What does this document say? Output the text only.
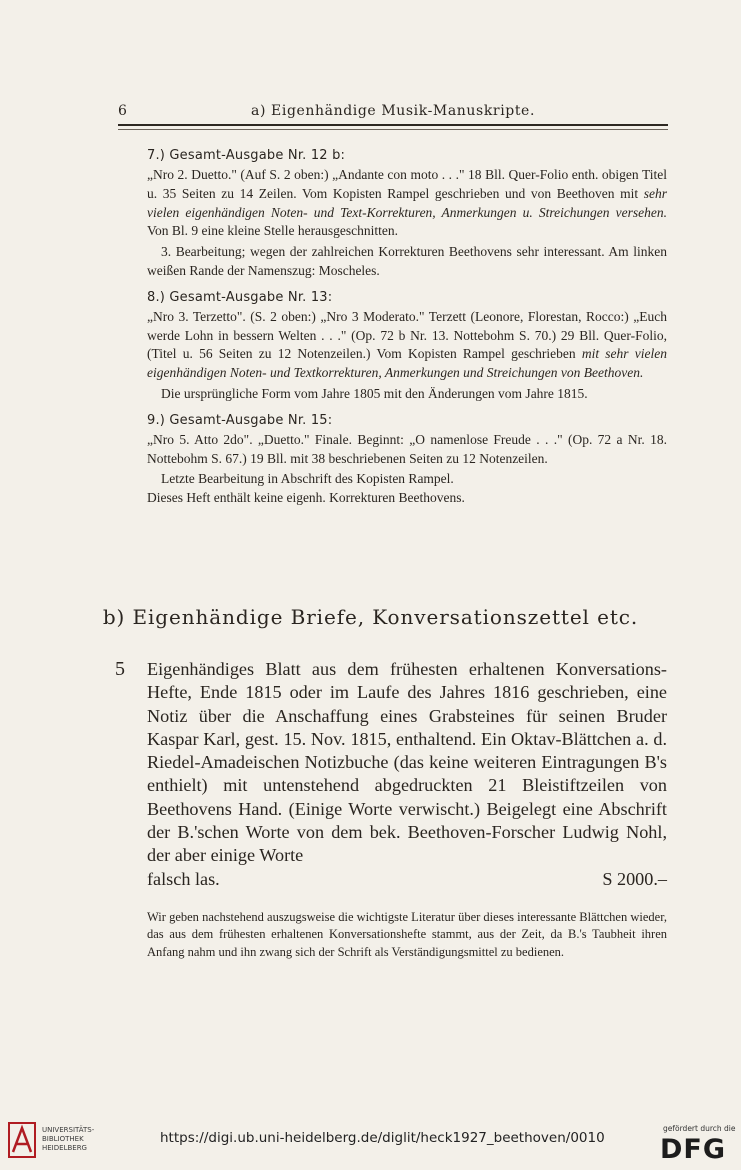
6	a) Eigenhändige Musik-Manuskripte.
7.) Gesamt-Ausgabe Nr. 12 b:

„Nro 2. Duetto." (Auf S. 2 oben:) „Andante con moto . . ." 18 Bll. Quer-Folio enth. obigen Titel u. 35 Seiten zu 14 Zeilen. Vom Kopisten Rampel geschrieben und von Beethoven mit sehr vielen eigenhändigen Noten- und Text-Korrekturen, Anmerkungen u. Streichungen versehen. Von Bl. 9 eine kleine Stelle herausgeschnitten.

3. Bearbeitung; wegen der zahlreichen Korrekturen Beethovens sehr interessant. Am linken weißen Rande der Namenszug: Moscheles.

8.) Gesamt-Ausgabe Nr. 13:

„Nro 3. Terzetto". (S. 2 oben:) „Nro 3 Moderato." Terzett (Leonore, Florestan, Rocco:) „Euch werde Lohn in bessern Welten . . ." (Op. 72 b Nr. 13. Nottebohm S. 70.) 29 Bll. Quer-Folio, (Titel u. 56 Seiten zu 12 Notenzeilen.) Vom Kopisten Rampel geschrieben mit sehr vielen eigenhändigen Noten- und Textkorrekturen, Anmerkungen und Streichungen von Beethoven.

Die ursprüngliche Form vom Jahre 1805 mit den Änderungen vom Jahre 1815.

9.) Gesamt-Ausgabe Nr. 15:

„Nro 5. Atto 2do". „Duetto." Finale. Beginnt: „O namenlose Freude . . ." (Op. 72 a Nr. 18. Nottebohm S. 67.) 19 Bll. mit 38 beschriebenen Seiten zu 12 Notenzeilen.

Letzte Bearbeitung in Abschrift des Kopisten Rampel.

Dieses Heft enthält keine eigenh. Korrekturen Beethovens.

b) Eigenhändige Briefe, Konversationszettel etc.
5 Eigenhändiges Blatt aus dem frühesten erhaltenen Konversations-Hefte, Ende 1815 oder im Laufe des Jahres 1816 geschrieben, eine Notiz über die Anschaffung eines Grabsteines für seinen Bruder Kaspar Karl, gest. 15. Nov. 1815, enthaltend. Ein Oktav-Blättchen a. d. Riedel-Amadeischen Notizbuche (das keine weiteren Eintragungen B's enthielt) mit untenstehend abgedruckten 21 Bleistiftzeilen von Beethovens Hand. (Einige Worte verwischt.) Beigelegt eine Abschrift der B.'schen Worte von dem bek. Beethoven-Forscher Ludwig Nohl, der aber einige Worte

falsch las.	S 2000.–

Wir geben nachstehend auszugsweise die wichtigste Literatur über dieses interessante Blättchen wieder, das aus dem frühesten erhaltenen Konversationshefte stammt, aus der Zeit, da B.'s Taubheit ihren Anfang nahm und ihn zwang sich der Schrift als Verständigungsmittel zu bedienen.

UNIVERSITÄTS-
BIBLIOTHEK
HEIDELBERG
https://digi.ub.uni-heidelberg.de/diglit/heck1927_beethoven/0010
gefördert durch die
DFG
